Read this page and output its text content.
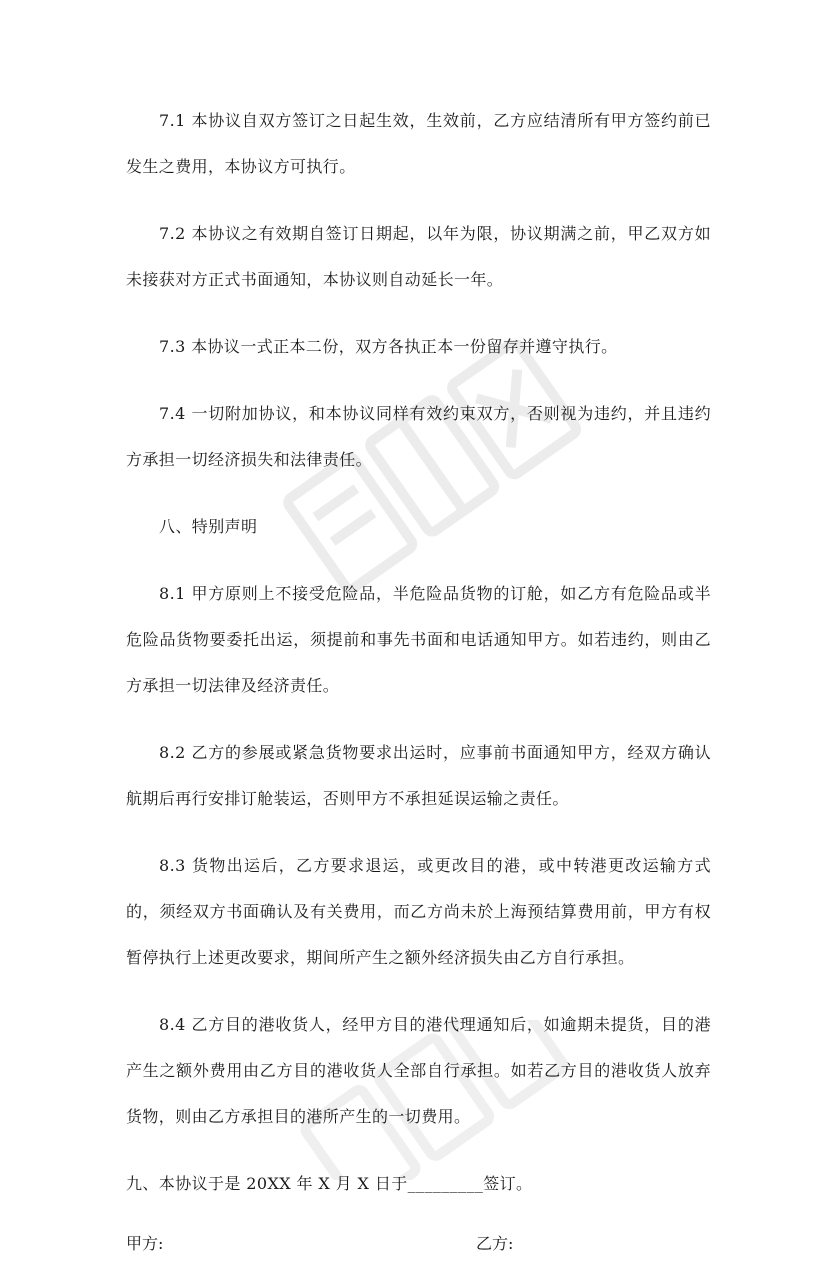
7.1 本协议自双方签订之日起生效，生效前，乙方应结清所有甲方签约前已发生之费用，本协议方可执行。

7.2 本协议之有效期自签订日期起，以年为限，协议期满之前，甲乙双方如未接获对方正式书面通知，本协议则自动延长一年。

7.3 本协议一式正本二份，双方各执正本一份留存并遵守执行。

7.4 一切附加协议，和本协议同样有效约束双方，否则视为违约，并且违约方承担一切经济损失和法律责任。

八、特别声明

8.1 甲方原则上不接受危险品，半危险品货物的订舱，如乙方有危险品或半危险品货物要委托出运，须提前和事先书面和电话通知甲方。如若违约，则由乙方承担一切法律及经济责任。

8.2 乙方的参展或紧急货物要求出运时，应事前书面通知甲方，经双方确认航期后再行安排订舱装运，否则甲方不承担延误运输之责任。

8.3 货物出运后，乙方要求退运，或更改目的港，或中转港更改运输方式的，须经双方书面确认及有关费用，而乙方尚未於上海预结算费用前，甲方有权暂停执行上述更改要求，期间所产生之额外经济损失由乙方自行承担。

8.4 乙方目的港收货人，经甲方目的港代理通知后，如逾期未提货，目的港产生之额外费用由乙方目的港收货人全部自行承担。如若乙方目的港收货人放弃货物，则由乙方承担目的港所产生的一切费用。

九、本协议于是 20XX 年 X 月 X 日于_________签订。

甲方:	乙方:
